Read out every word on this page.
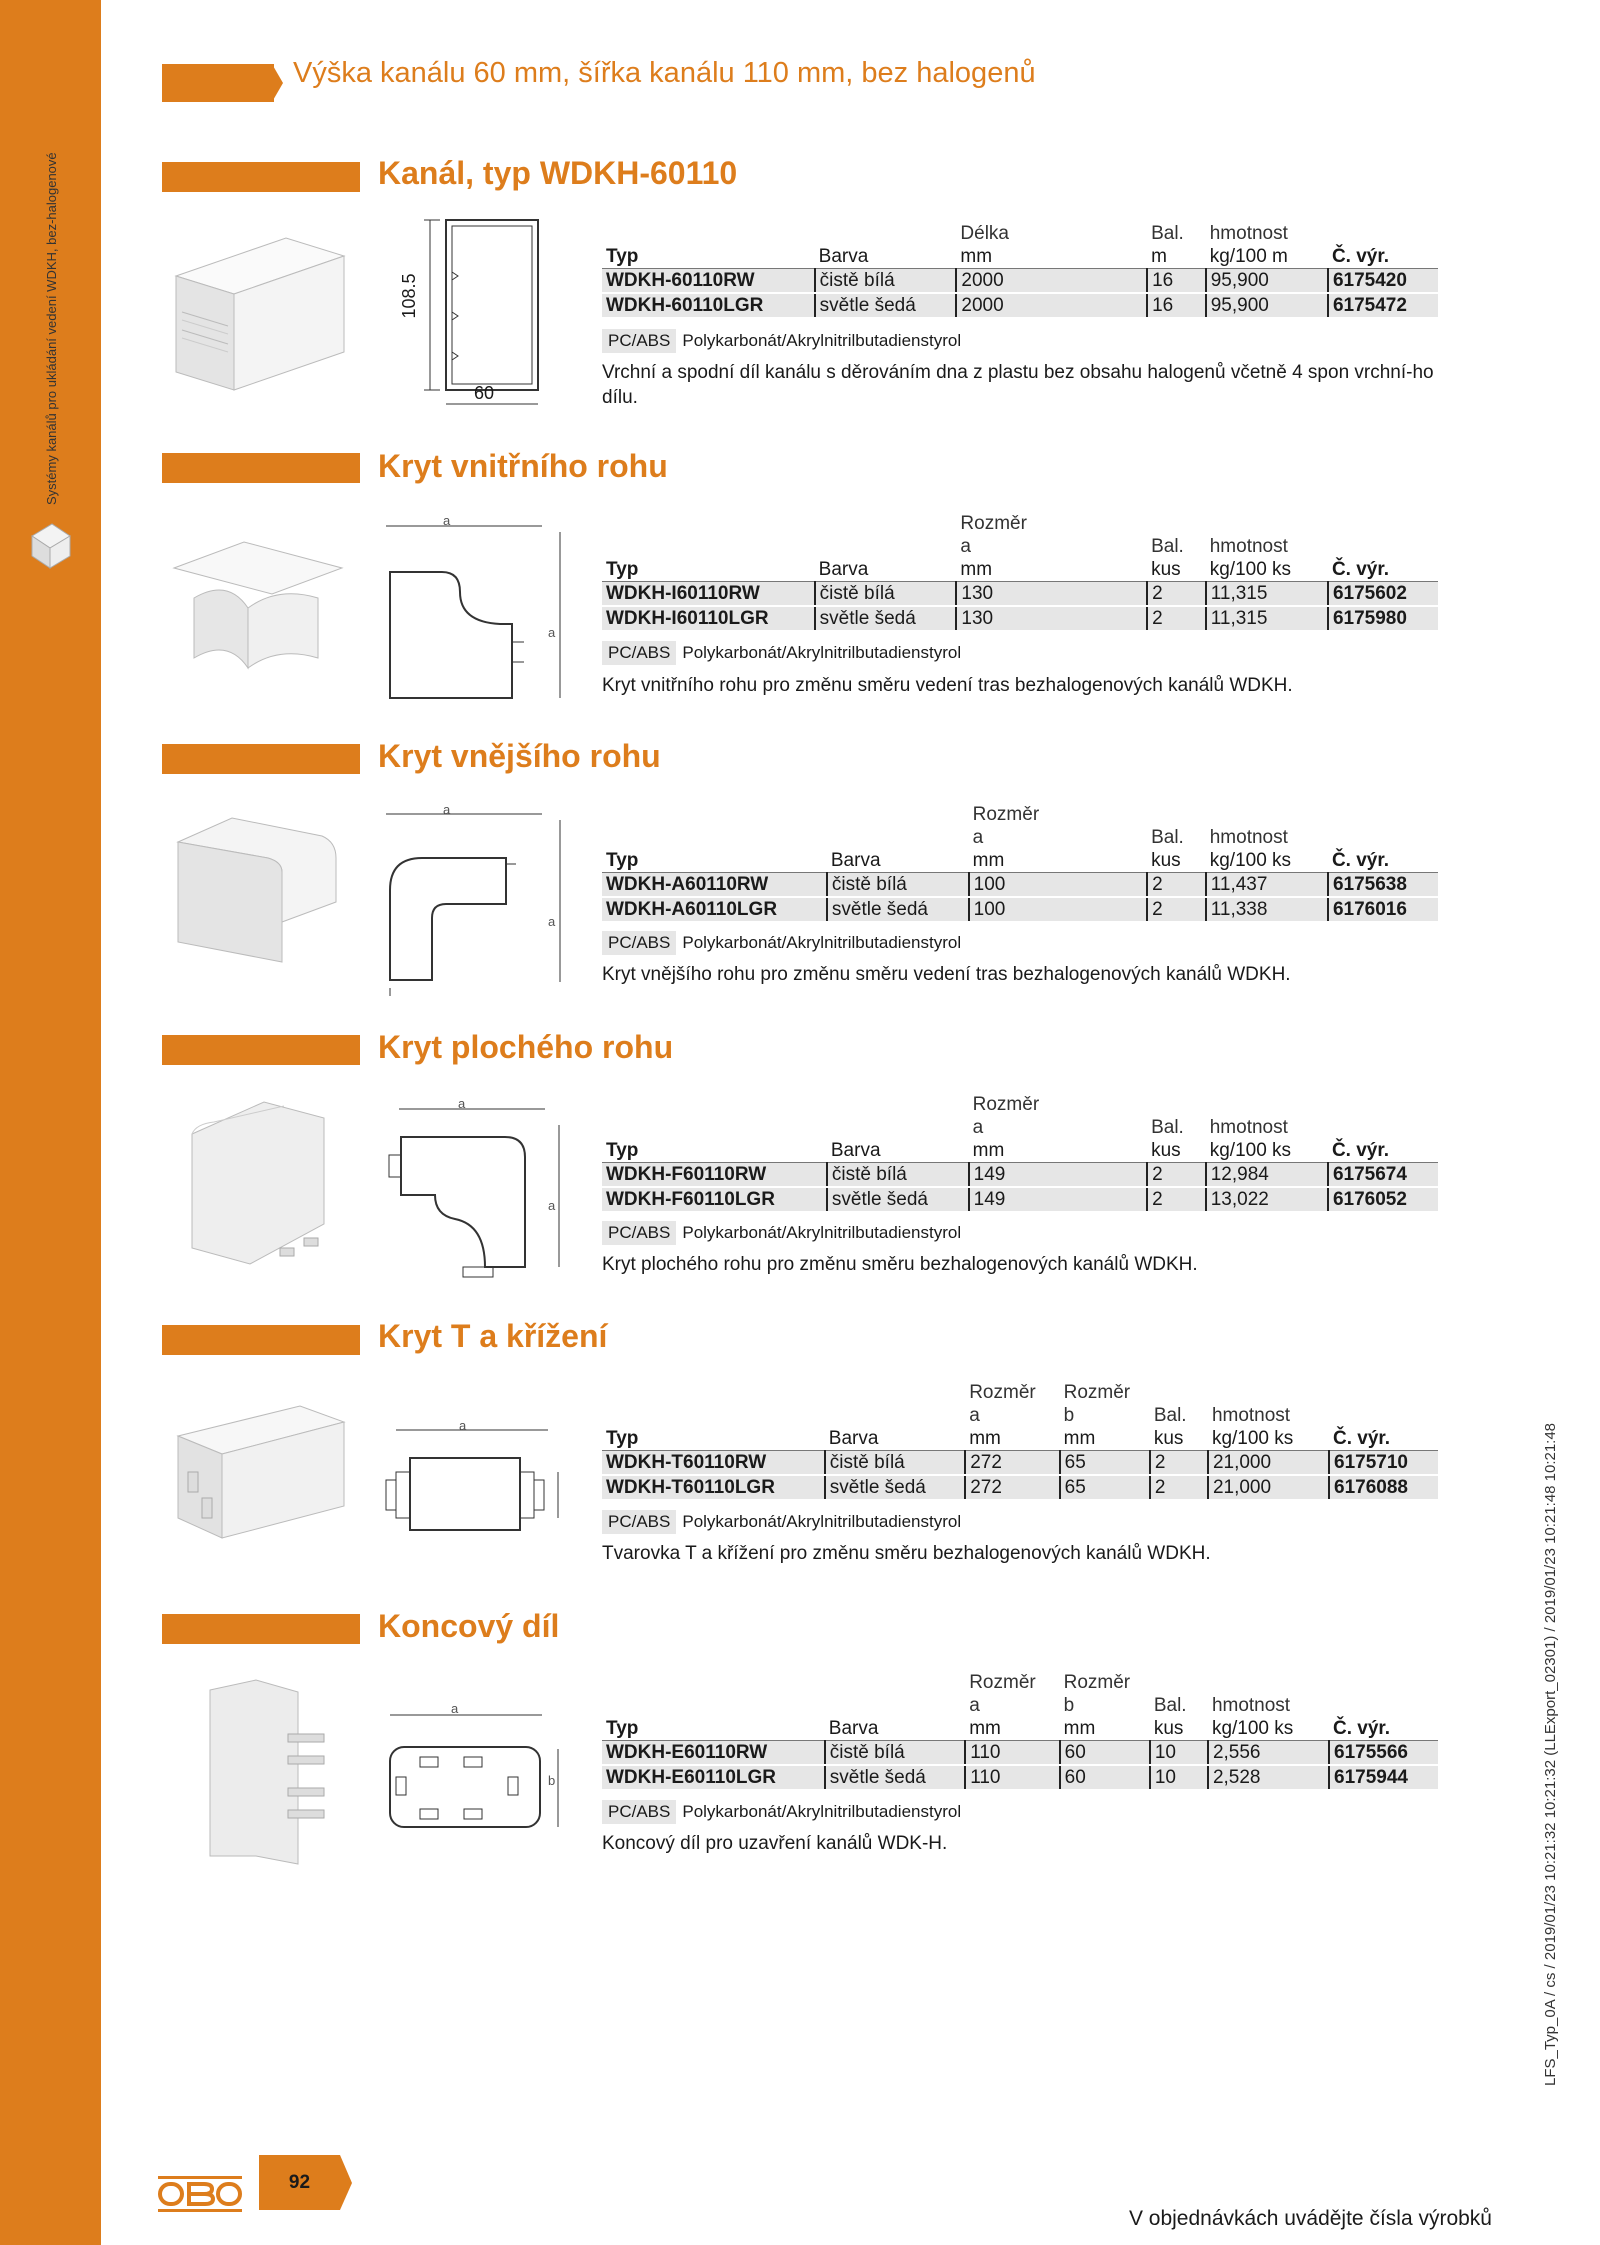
Systémy kanálů pro ukládání vedení WDKH, bez-halogenové
Výška kanálu 60 mm, šířka kanálu 110 mm, bez halogenů
Kanál, typ WDKH-60110
108.5
60
		Délka		Bal.	hmotnost	
Typ	Barva	mm		m	kg/100 m	Č. výr.
WDKH-60110RW	čistě bílá	2000		16	95,900	6175420
WDKH-60110LGR	světle šedá	2000		16	95,900	6175472
PC/ABS Polykarbonát/Akrylnitrilbutadienstyrol
Vrchní a spodní díl kanálu s děrováním dna z plastu bez obsahu halogenů včetně 4 spon vrchní-ho dílu.
Kryt vnitřního rohu
a
a
		Rozměr				
		a		Bal.	hmotnost	
Typ	Barva	mm		kus	kg/100 ks	Č. výr.
WDKH-I60110RW	čistě bílá	130		2	11,315	6175602
WDKH-I60110LGR	světle šedá	130		2	11,315	6175980
PC/ABS Polykarbonát/Akrylnitrilbutadienstyrol
Kryt vnitřního rohu pro změnu směru vedení tras bezhalogenových kanálů WDKH.
Kryt vnějšího rohu
a
a
		Rozměr				
		a		Bal.	hmotnost	
Typ	Barva	mm		kus	kg/100 ks	Č. výr.
WDKH-A60110RW	čistě bílá	100		2	11,437	6175638
WDKH-A60110LGR	světle šedá	100		2	11,338	6176016
PC/ABS Polykarbonát/Akrylnitrilbutadienstyrol
Kryt vnějšího rohu pro změnu směru vedení tras bezhalogenových kanálů WDKH.
Kryt plochého rohu
a
a
		Rozměr				
		a		Bal.	hmotnost	
Typ	Barva	mm		kus	kg/100 ks	Č. výr.
WDKH-F60110RW	čistě bílá	149		2	12,984	6175674
WDKH-F60110LGR	světle šedá	149		2	13,022	6176052
PC/ABS Polykarbonát/Akrylnitrilbutadienstyrol
Kryt plochého rohu pro změnu směru bezhalogenových kanálů WDKH.
Kryt T a křížení
a
		Rozměr	Rozměr			
		a	b	Bal.	hmotnost	
Typ	Barva	mm	mm	kus	kg/100 ks	Č. výr.
WDKH-T60110RW	čistě bílá	272	65	2	21,000	6175710
WDKH-T60110LGR	světle šedá	272	65	2	21,000	6176088
PC/ABS Polykarbonát/Akrylnitrilbutadienstyrol
Tvarovka T a křížení pro změnu směru bezhalogenových kanálů WDKH.
Koncový díl
a
b
		Rozměr	Rozměr			
		a	b	Bal.	hmotnost	
Typ	Barva	mm	mm	kus	kg/100 ks	Č. výr.
WDKH-E60110RW	čistě bílá	110	60	10	2,556	6175566
WDKH-E60110LGR	světle šedá	110	60	10	2,528	6175944
PC/ABS Polykarbonát/Akrylnitrilbutadienstyrol
Koncový díl pro uzavření kanálů WDK-H.	LFS_Typ_0A / cs / 2019/01/23 10:21:32 10:21:32 (LLExport_02301) / 2019/01/23 10:21:48 10:21:48
92
V objednávkách uvádějte čísla výrobků
